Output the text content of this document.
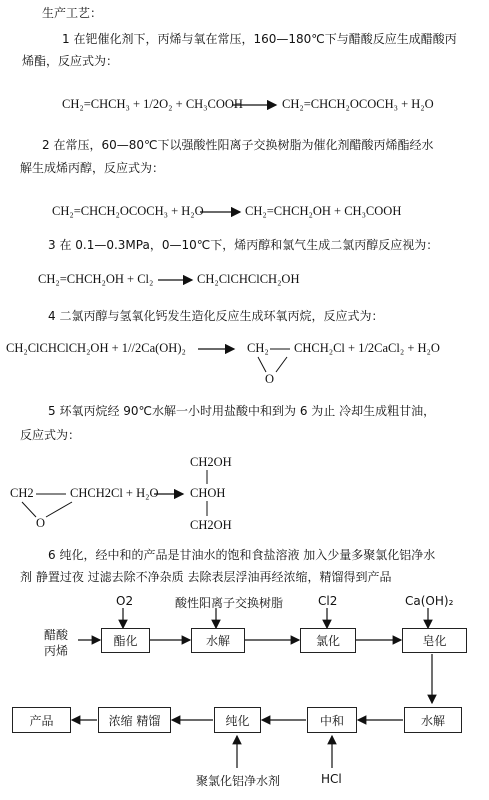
生产工艺：
1 在钯催化剂下，丙烯与氧在常压，160—180℃下与醋酸反应生成醋酸丙
烯酯，反应式为：
CH₂=CHCH₃ + 1/2O₂ + CH₃COOH	CH₂=CHCH₂OCOCH₃ + H₂O
2 在常压，60—80℃下以强酸性阳离子交换树脂为催化剂醋酸丙烯酯经水
解生成烯丙醇，反应式为：
CH₂=CHCH₂OCOCH₃ + H₂O	CH₂=CHCH₂OH + CH₃COOH
3 在 0.1—0.3MPa，0—10℃下，烯丙醇和氯气生成二氯丙醇反应视为：
CH₂=CHCH₂OH + Cl₂	CH₂ClCHClCH₂OH
4 二氯丙醇与氢氧化钙发生造化反应生成环氧丙烷，反应式为：
CH₂ClCHClCH₂OH + 1//2Ca(OH)₂	CH₂ CHCH₂Cl + 1/2CaCl₂ + H₂O
O
5 环氧丙烷经 90℃水解一小时用盐酸中和到为 6 为止 冷却生成粗甘油，
反应式为：
CH2OH
CH2	CHCH2Cl + H₂O	CHOH
O	CH2OH
6 纯化，经中和的产品是甘油水的饱和食盐溶液 加入少量多聚氯化铝净水
剂 静置过夜 过滤去除不净杂质 去除表层浮油再经浓缩，精馏得到产品
O2	酸性阳离子交换树脂	Cl2	Ca(OH)₂
醋酸
丙烯
酯化	水解	氯化	皂化
水解
中和
纯化
浓缩 精馏
产品
聚氯化铝净水剂	HCl
